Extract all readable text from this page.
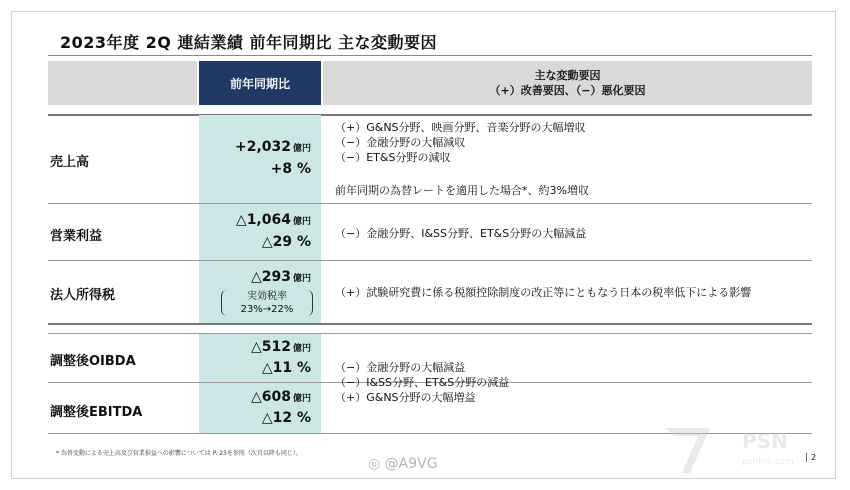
2023年度 2Q 連結業績 前年同期比 主な変動要因
前年同期比
主な変動要因
（+）改善要因、（−）悪化要因
売上高
+2,032 億円
+8 %
（+）G&NS分野、映画分野、音楽分野の大幅増収
（−）金融分野の大幅減収
（−）ET&S分野の減収
前年同期の為替レートを適用した場合*、約3%増収
営業利益
△1,064 億円
△29 %
（−）金融分野、I&SS分野、ET&S分野の大幅減益
法人所得税
△293 億円
実効税率
23%→22%
（+）試験研究費に係る税額控除制度の改正等にともなう日本の税率低下による影響
調整後OIBDA
△512 億円
△11 %
調整後EBITDA
△608 億円
△12 %
（−）金融分野の大幅減益
（−）I&SS分野、ET&S分野の減益
（+）G&NS分野の大幅増益
* 為替変動による売上高及び営業損益への影響については P. 23を参照（次頁以降も同じ）。	2
PSN
psnine.com
◎ @A9VG
